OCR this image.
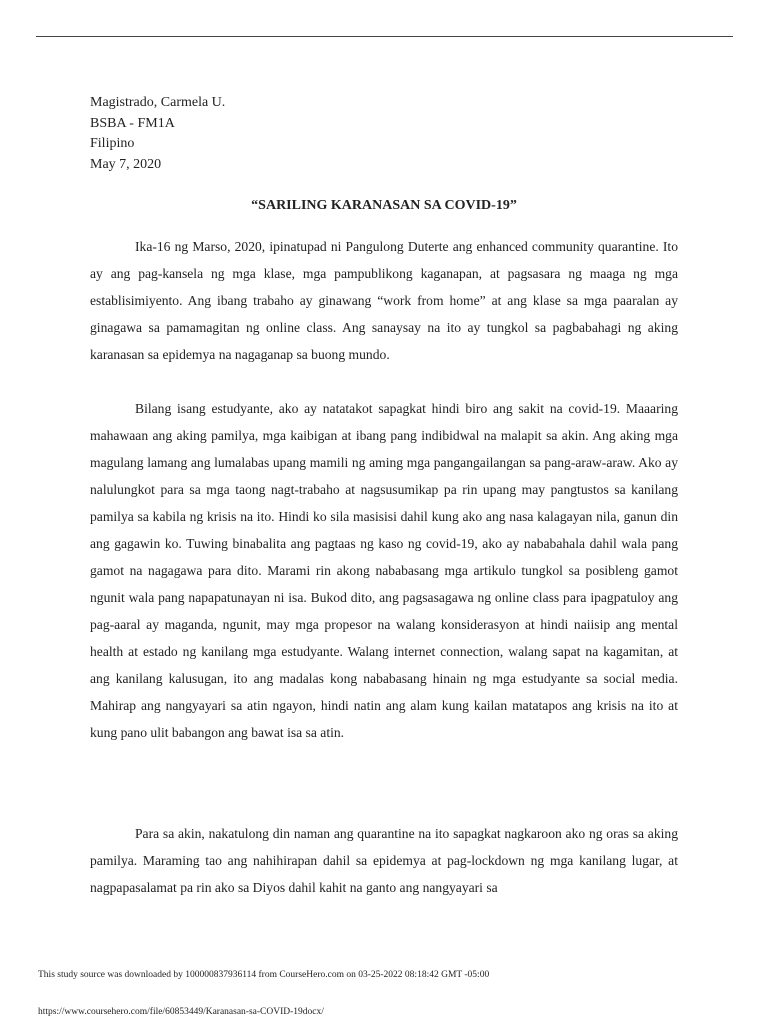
Magistrado, Carmela U.
BSBA - FM1A
Filipino
May 7, 2020
“SARILING KARANASAN SA COVID-19”

Ika-16 ng Marso, 2020, ipinatupad ni Pangulong Duterte ang enhanced community quarantine. Ito ay ang pag-kansela ng mga klase, mga pampublikong kaganapan, at pagsasara ng maaga ng mga establisimiyento. Ang ibang trabaho ay ginawang “work from home” at ang klase sa mga paaralan ay ginagawa sa pamamagitan ng online class. Ang sanaysay na ito ay tungkol sa pagbabahagi ng aking karanasan sa epidemya na nagaganap sa buong mundo.

Bilang isang estudyante, ako ay natatakot sapagkat hindi biro ang sakit na covid-19. Maaaring mahawaan ang aking pamilya, mga kaibigan at ibang pang indibidwal na malapit sa akin. Ang aking mga magulang lamang ang lumalabas upang mamili ng aming mga pangangailangan sa pang-araw-araw. Ako ay nalulungkot para sa mga taong nagt-trabaho at nagsusumikap pa rin upang may pangtustos sa kanilang pamilya sa kabila ng krisis na ito. Hindi ko sila masisisi dahil kung ako ang nasa kalagayan nila, ganun din ang gagawin ko. Tuwing binabalita ang pagtaas ng kaso ng covid-19, ako ay nababahala dahil wala pang gamot na nagagawa para dito. Marami rin akong nababasang mga artikulo tungkol sa posibleng gamot ngunit wala pang napapatunayan ni isa. Bukod dito, ang pagsasagawa ng online class para ipagpatuloy ang pag-aaral ay maganda, ngunit, may mga propesor na walang konsiderasyon at hindi naiisip ang mental health at estado ng kanilang mga estudyante. Walang internet connection, walang sapat na kagamitan, at ang kanilang kalusugan, ito ang madalas kong nababasang hinain ng mga estudyante sa social media. Mahirap ang nangyayari sa atin ngayon, hindi natin ang alam kung kailan matatapos ang krisis na ito at kung pano ulit babangon ang bawat isa sa atin.

Para sa akin, nakatulong din naman ang quarantine na ito sapagkat nagkaroon ako ng oras sa aking pamilya. Maraming tao ang nahihirapan dahil sa epidemya at pag-lockdown ng mga kanilang lugar, at nagpapasalamat pa rin ako sa Diyos dahil kahit na ganto ang nangyayari sa

This study source was downloaded by 100000837936114 from CourseHero.com on 03-25-2022 08:18:42 GMT -05:00
https://www.coursehero.com/file/60853449/Karanasan-sa-COVID-19docx/
